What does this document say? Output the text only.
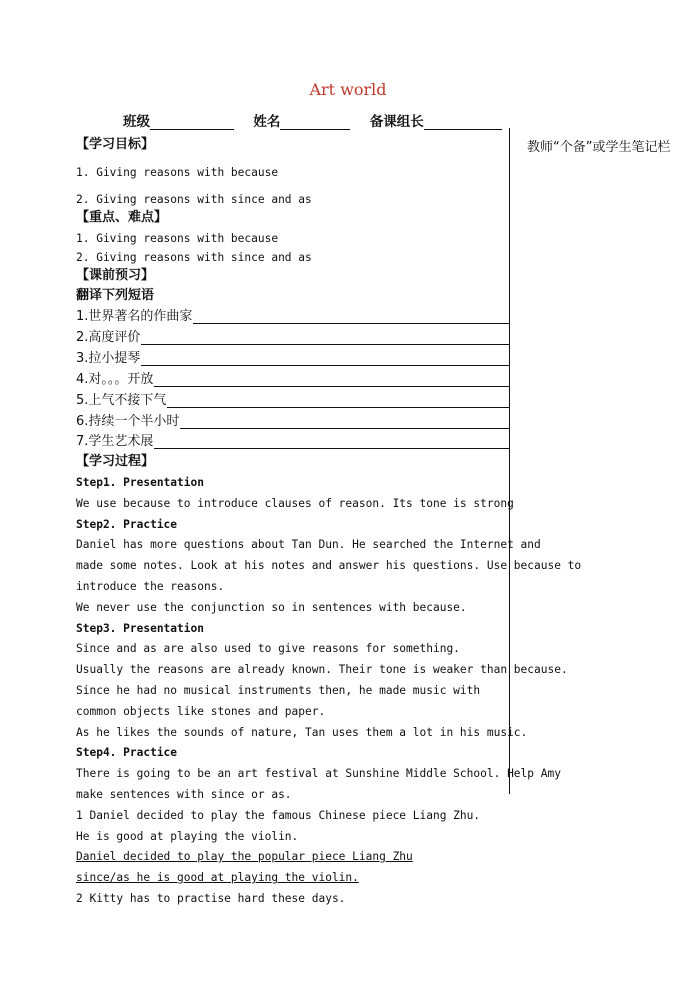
Art world
班级	姓名	备课组长
教师“个备”或学生笔记栏
【学习目标】
1. Giving reasons with because
2. Giving reasons with since and as
【重点、难点】
1. Giving reasons with because
2. Giving reasons with since and as
【课前预习】
翻译下列短语
1.世界著名的作曲家
2.高度评价
3.拉小提琴
4.对。。。开放
5.上气不接下气
6.持续一个半小时
7.学生艺术展
【学习过程】
Step1. Presentation
We use because to introduce clauses of reason. Its tone is strong
Step2. Practice
Daniel has more questions about Tan Dun. He searched the Internet and
made some notes. Look at his notes and answer his questions. Use because to
introduce the reasons.
We never use the conjunction so in sentences with because.
Step3. Presentation
Since and as are also used to give reasons for something.
Usually the reasons are already known. Their tone is weaker than because.
Since he had no musical instruments then, he made music with
common objects like stones and paper.
As he likes the sounds of nature, Tan uses them a lot in his music.
Step4. Practice
There is going to be an art festival at Sunshine Middle School. Help Amy
make sentences with since or as.
1 Daniel decided to play the famous Chinese piece Liang Zhu.
He is good at playing the violin.
Daniel decided to play the popular piece Liang Zhu
since/as he is good at playing the violin.
2 Kitty has to practise hard these days.
